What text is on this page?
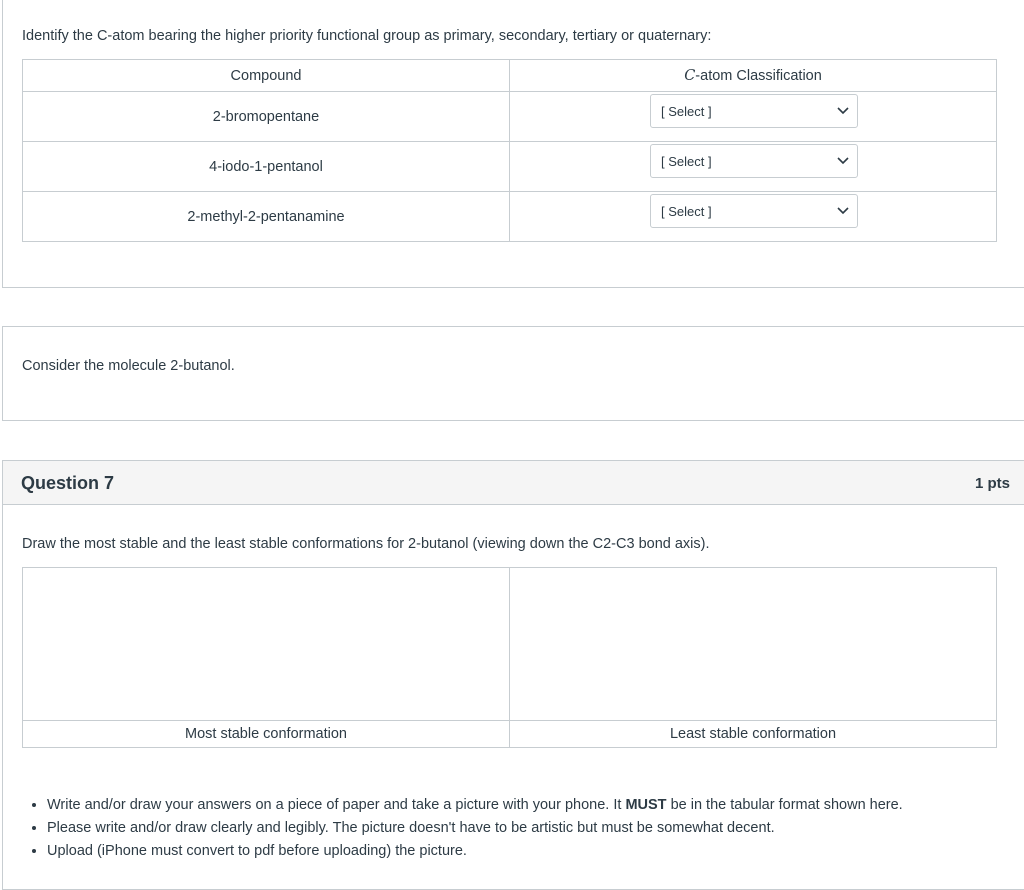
Identify the C-atom bearing the higher priority functional group as primary, secondary, tertiary or quaternary:
Compound	C-atom Classification
2-bromopentane	[ Select ]

4-iodo-1-pentanol	[ Select ]

2-methyl-2-pentanamine	[ Select ]
Consider the molecule 2-butanol.
Question 7	1 pts
Draw the most stable and the least stable conformations for 2-butanol (viewing down the C2-C3 bond axis).

Most stable conformation	Least stable conformation
• Write and/or draw your answers on a piece of paper and take a picture with your phone. It MUST be in the tabular format shown here.
• Please write and/or draw clearly and legibly. The picture doesn't have to be artistic but must be somewhat decent.
• Upload (iPhone must convert to pdf before uploading) the picture.
